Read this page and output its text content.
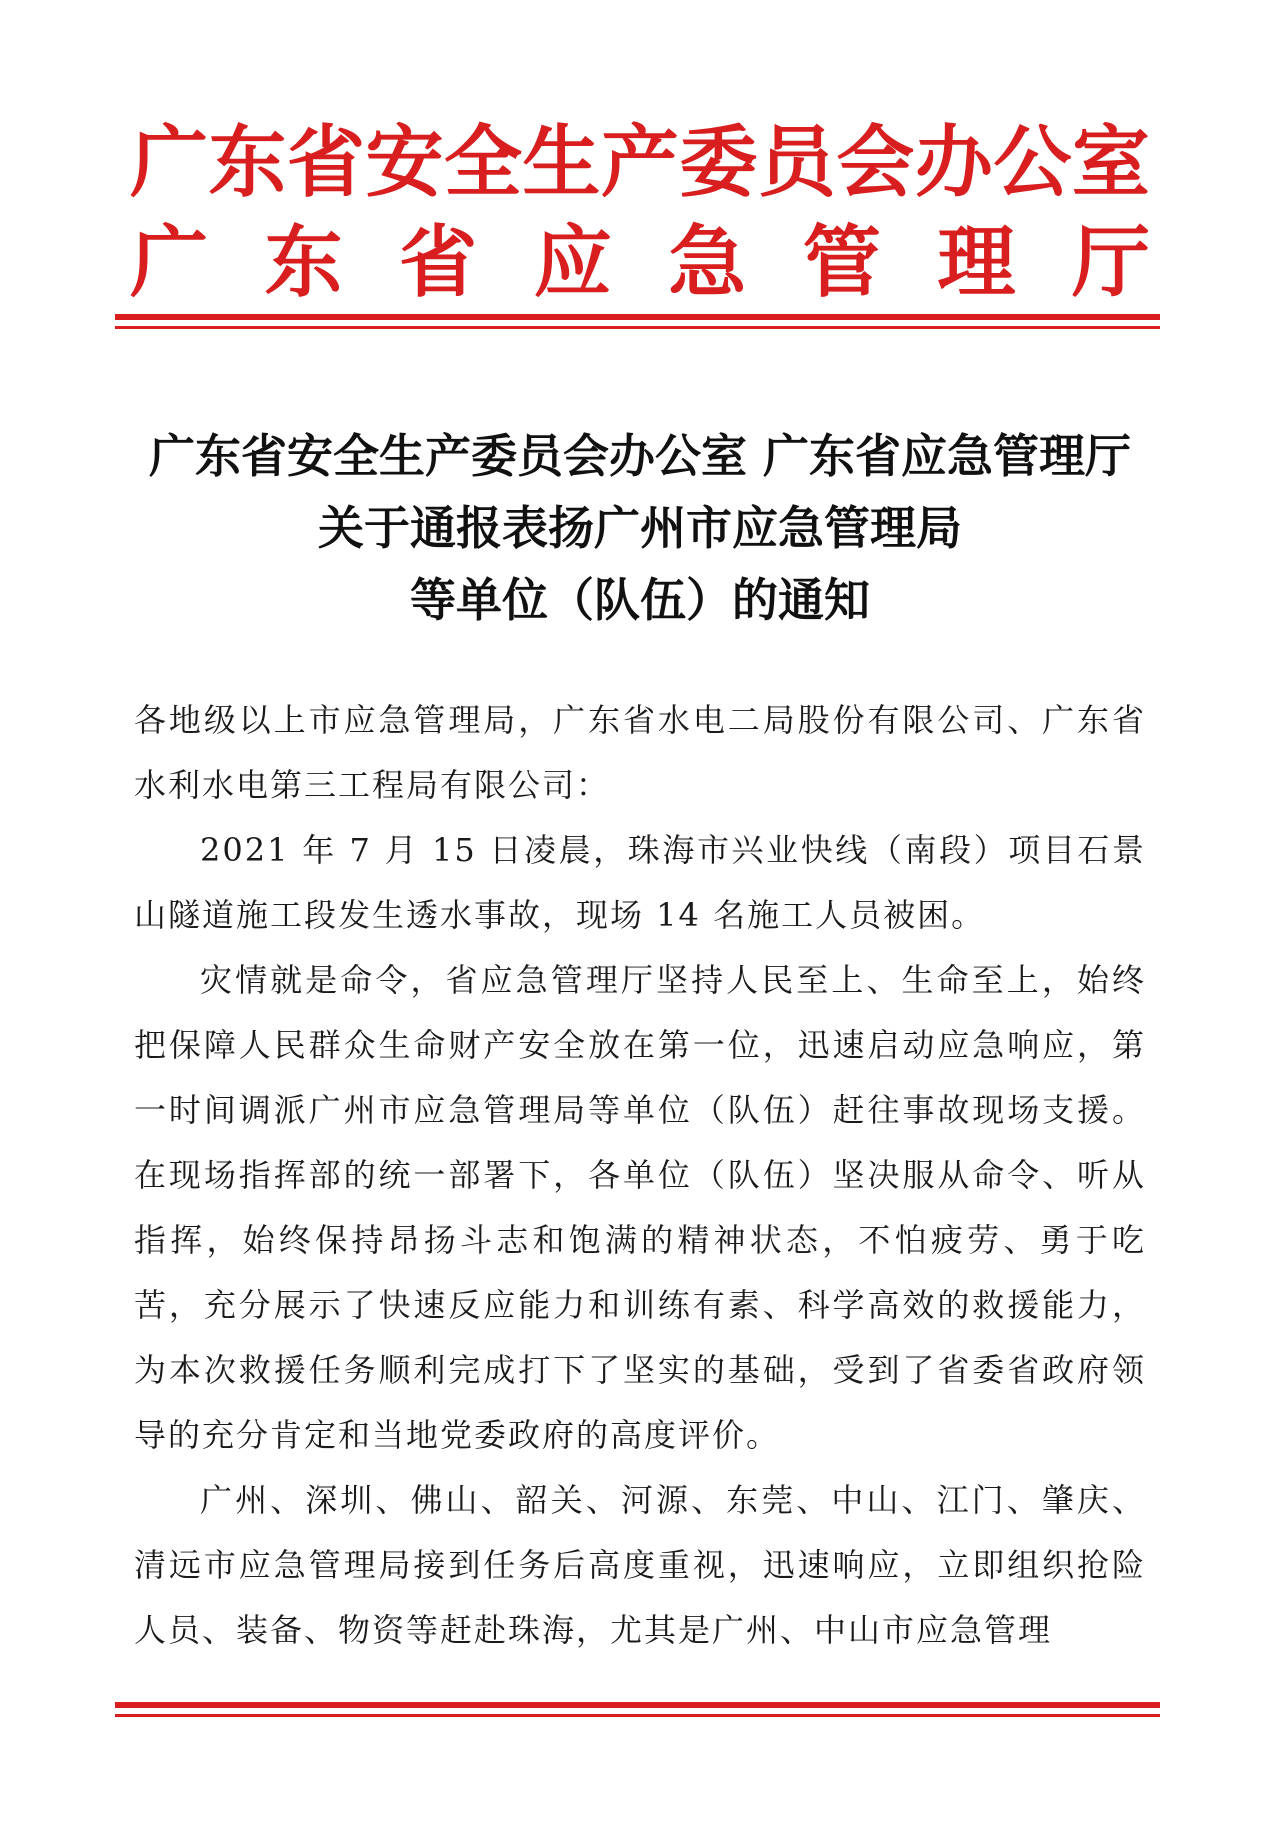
广 东 省 安 全 生 产 委 员 会 办 公 室
广 东 省 应 急 管 理 厅
广东省安全生产委员会办公室 广东省应急管理厅
关于通报表扬广州市应急管理局
等单位（队伍）的通知

各地级以上市应急管理局，广东省水电二局股份有限公司、广东省水利水电第三工程局有限公司：

2021 年 7 月 15 日凌晨，珠海市兴业快线（南段）项目石景山隧道施工段发生透水事故，现场 14 名施工人员被困。

灾情就是命令，省应急管理厅坚持人民至上、生命至上，始终把保障人民群众生命财产安全放在第一位，迅速启动应急响应，第一时间调派广州市应急管理局等单位（队伍）赶往事故现场支援。在现场指挥部的统一部署下，各单位（队伍）坚决服从命令、听从指挥，始终保持昂扬斗志和饱满的精神状态，不怕疲劳、勇于吃苦，充分展示了快速反应能力和训练有素、科学高效的救援能力，为本次救援任务顺利完成打下了坚实的基础，受到了省委省政府领导的充分肯定和当地党委政府的高度评价。

广州、深圳、佛山、韶关、河源、东莞、中山、江门、肇庆、清远市应急管理局接到任务后高度重视，迅速响应，立即组织抢险人员、装备、物资等赶赴珠海，尤其是广州、中山市应急管理
